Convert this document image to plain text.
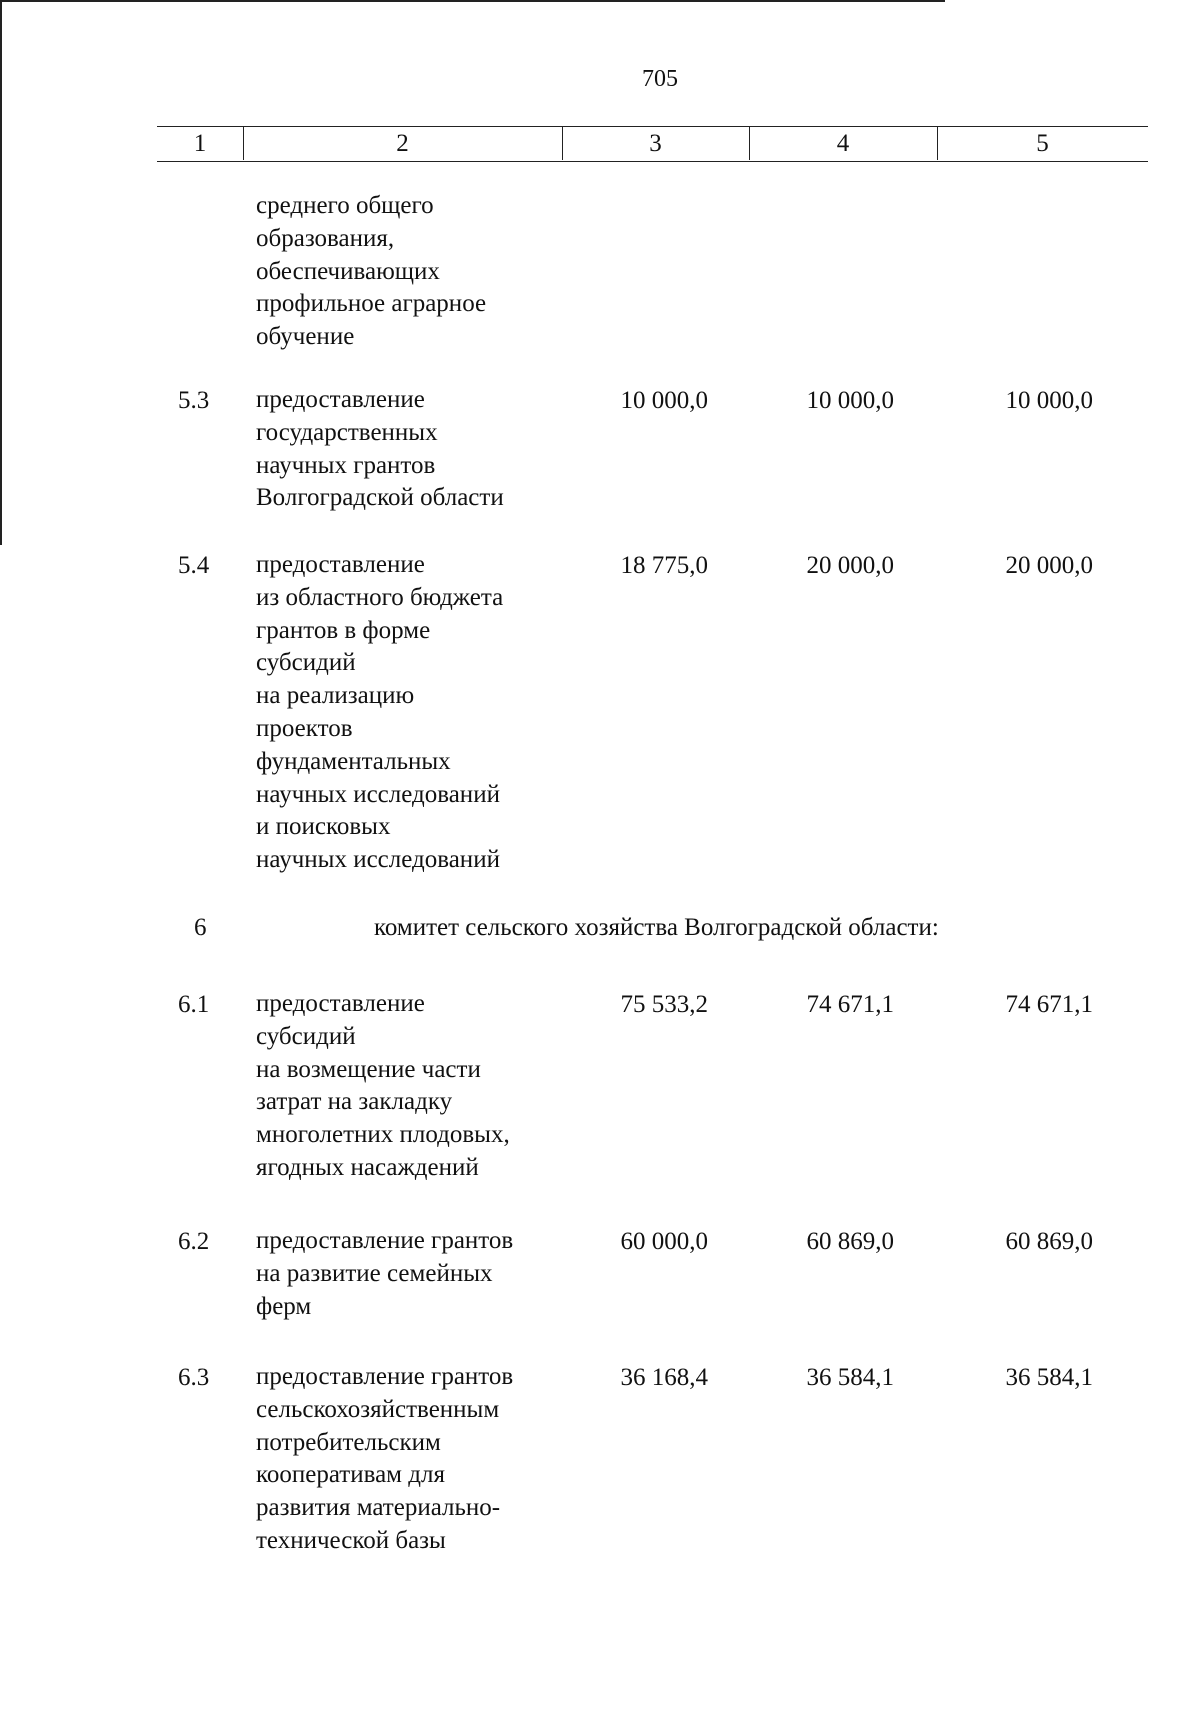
705
1	2	3	4	5
среднего общего
образования,
обеспечивающих
профильное аграрное
обучение
5.3 предоставление
государственных
научных грантов
Волгоградской области
10 000,0	10 000,0	10 000,0
5.4 предоставление
из областного бюджета
грантов в форме
субсидий
на реализацию
проектов
фундаментальных
научных исследований
и поисковых
научных исследований
18 775,0	20 000,0	20 000,0
6	комитет сельского хозяйства Волгоградской области:
6.1 предоставление
субсидий
на возмещение части
затрат на закладку
многолетних плодовых,
ягодных насаждений
75 533,2	74 671,1	74 671,1
6.2 предоставление грантов
на развитие семейных
ферм
60 000,0	60 869,0	60 869,0
6.3 предоставление грантов
сельскохозяйственным
потребительским
кооперативам для
развития материально-
технической базы
36 168,4	36 584,1	36 584,1
